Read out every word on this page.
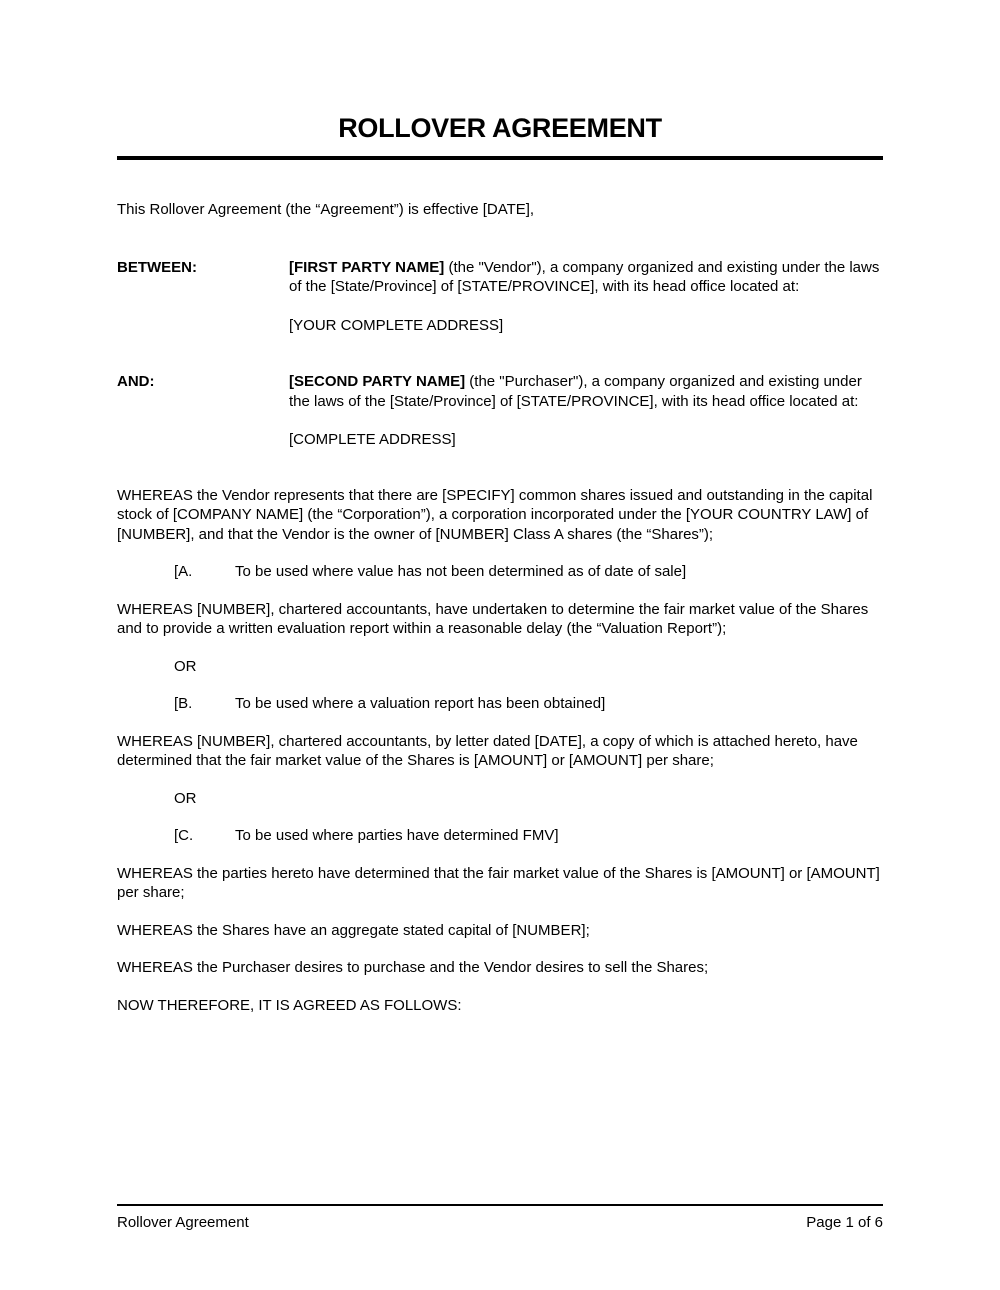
ROLLOVER AGREEMENT

This Rollover Agreement (the “Agreement”) is effective [DATE],

BETWEEN:	[FIRST PARTY NAME] (the "Vendor"), a company organized and existing under the laws of the [State/Province] of [STATE/PROVINCE], with its head office located at:

[YOUR COMPLETE ADDRESS]

AND:	[SECOND PARTY NAME] (the "Purchaser"), a company organized and existing under the laws of the [State/Province] of [STATE/PROVINCE], with its head office located at:

[COMPLETE ADDRESS]

WHEREAS the Vendor represents that there are [SPECIFY] common shares issued and outstanding in the capital stock of [COMPANY NAME] (the “Corporation”), a corporation incorporated under the [YOUR COUNTRY LAW] of [NUMBER], and that the Vendor is the owner of [NUMBER] Class A shares (the “Shares”);

[A.	To be used where value has not been determined as of date of sale]

WHEREAS [NUMBER], chartered accountants, have undertaken to determine the fair market value of the Shares and to provide a written evaluation report within a reasonable delay (the “Valuation Report”);

OR

[B.	To be used where a valuation report has been obtained]

WHEREAS [NUMBER], chartered accountants, by letter dated [DATE], a copy of which is attached hereto, have determined that the fair market value of the Shares is [AMOUNT] or [AMOUNT] per share;

OR

[C.	To be used where parties have determined FMV]

WHEREAS the parties hereto have determined that the fair market value of the Shares is [AMOUNT] or [AMOUNT] per share;

WHEREAS the Shares have an aggregate stated capital of [NUMBER];

WHEREAS the Purchaser desires to purchase and the Vendor desires to sell the Shares;

NOW THEREFORE, IT IS AGREED AS FOLLOWS:

Rollover Agreement	Page 1 of 6
